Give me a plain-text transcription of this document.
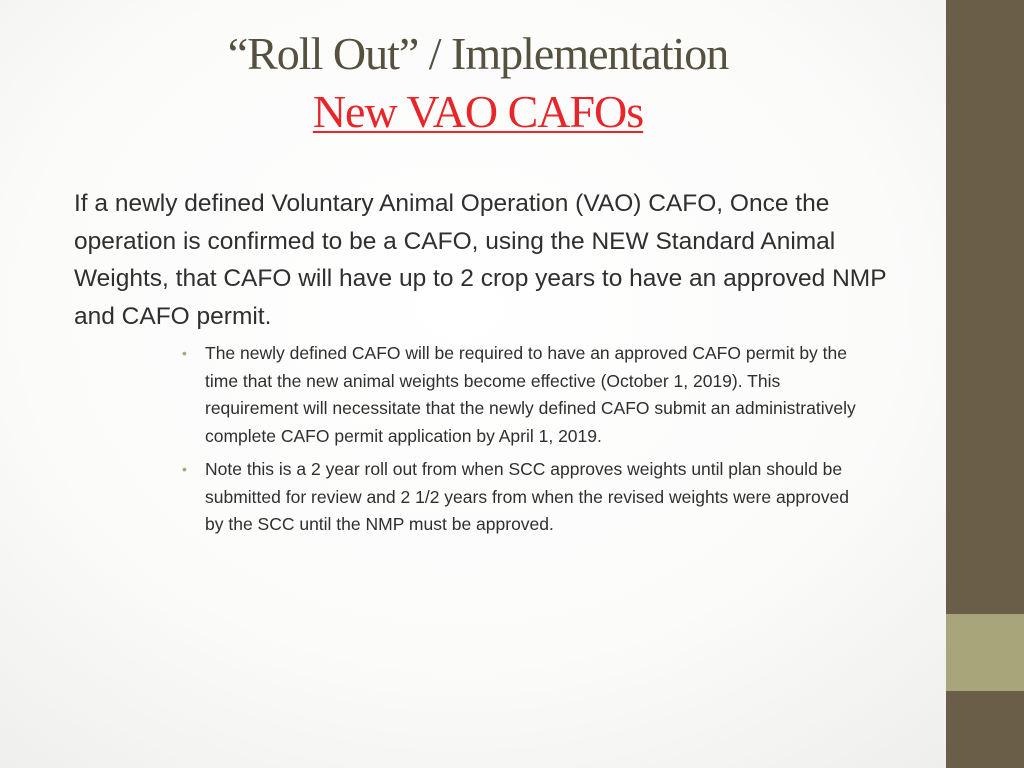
“Roll Out” / Implementation
New VAO CAFOs
If a newly defined Voluntary Animal Operation (VAO) CAFO, Once the operation is confirmed to be a CAFO, using the NEW Standard Animal Weights, that CAFO will have up to 2 crop years to have an approved NMP and CAFO permit.
• The newly defined CAFO will be required to have an approved CAFO permit by the time that the new animal weights become effective (October 1, 2019). This requirement will necessitate that the newly defined CAFO submit an administratively complete CAFO permit application by April 1, 2019.
• Note this is a 2 year roll out from when SCC approves weights until plan should be submitted for review and 2 1/2 years from when the revised weights were approved by the SCC until the NMP must be approved.
